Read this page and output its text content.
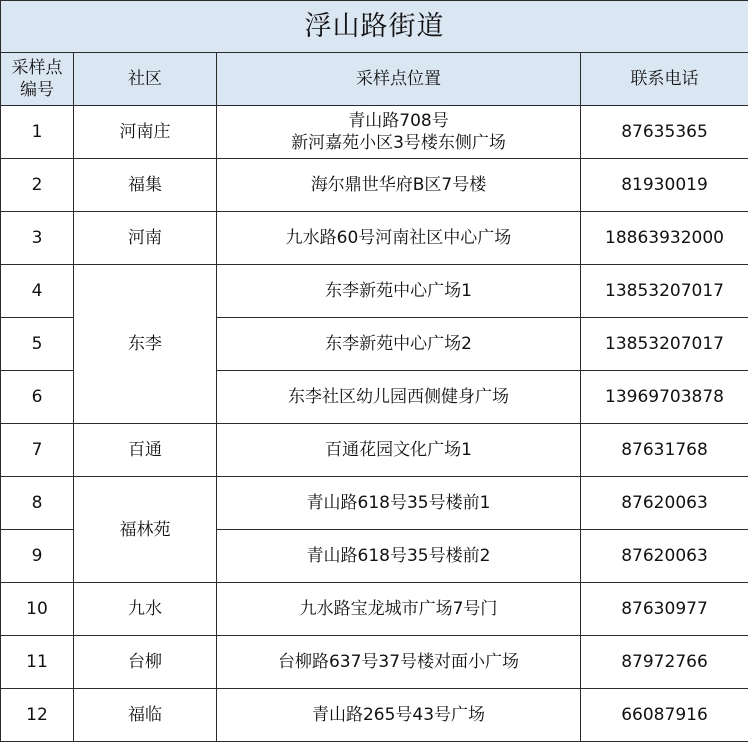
浮山路街道			

采样点
编号	社区	采样点位置	联系电话
1	河南庄	青山路708号
新河嘉苑小区3号楼东侧广场	87635365
2	福集	海尔鼎世华府B区7号楼	81930019
3	河南	九水路60号河南社区中心广场	18863932000
4	东李	东李新苑中心广场1	13853207017
5		东李新苑中心广场2	13853207017
6		东李社区幼儿园西侧健身广场	13969703878
7	百通	百通花园文化广场1	87631768
8	福林苑	青山路618号35号楼前1	87620063
9		青山路618号35号楼前2	87620063
10	九水	九水路宝龙城市广场7号门	87630977
11	台柳	台柳路637号37号楼对面小广场	87972766
12	福临	青山路265号43号广场	66087916
